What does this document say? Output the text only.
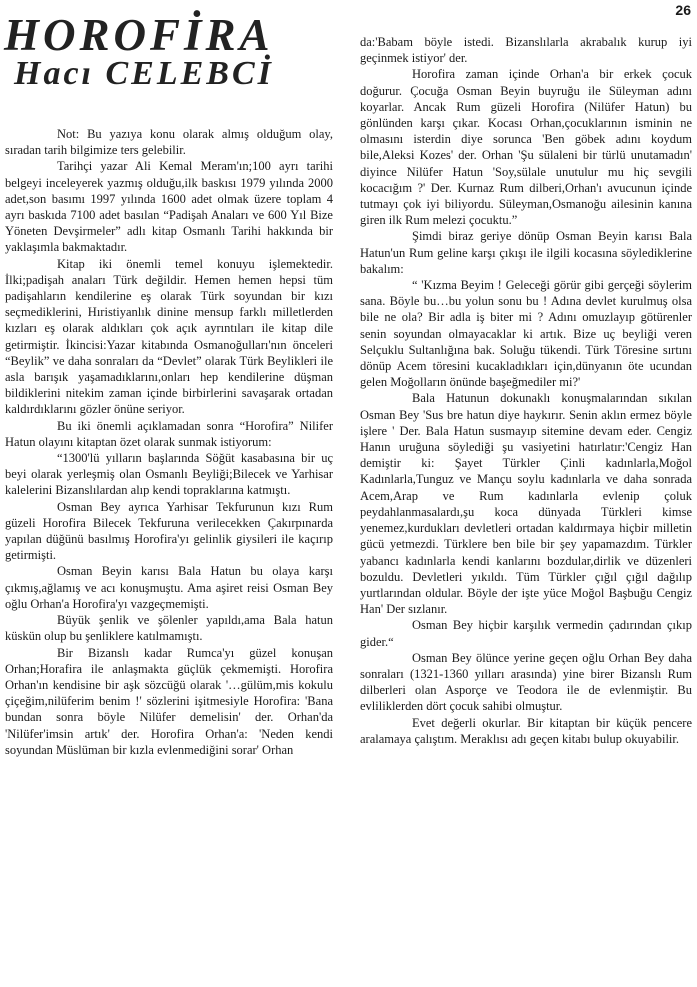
26
HOROFİRA
Hacı CELEBCİ

Not: Bu yazıya konu olarak almış olduğum olay, sıradan tarih bilgimize ters gelebilir.

Tarihçi yazar Ali Kemal Meram'ın;100 ayrı tarihi belgeyi inceleyerek yazmış olduğu,ilk baskısı 1979 yılında 2000 adet,son basımı 1997 yılında 1600 adet olmak üzere toplam 4 ayrı baskıda 7100 adet basılan “Padişah Anaları ve 600 Yıl Bize Yöneten Devşirmeler” adlı kitap Osmanlı Tarihi hakkında bir yaklaşımla bakmaktadır.

Kitap iki önemli temel konuyu işlemektedir. İlki;padişah anaları Türk değildir. Hemen hemen hepsi tüm padişahların kendilerine eş olarak Türk soyundan bir kızı seçmediklerini, Hıristiyanlık dinine mensup farklı milletlerden kızları eş olarak aldıkları çok açık ayrıntıları ile kitap dile getirmiştir. İkincisi:Yazar kitabında Osmanoğulları'nın önceleri “Beylik” ve daha sonraları da “Devlet” olarak Türk Beylikleri ile asla barışık yaşamadıklarını,onları hep kendilerine düşman bildiklerini nitekim zaman içinde birbirlerini savaşarak ortadan kaldırdıklarını gözler önüne seriyor.

Bu iki önemli açıklamadan sonra “Horofira” Nilifer Hatun olayını kitaptan özet olarak sunmak istiyorum:

“1300'lü yılların başlarında Söğüt kasabasına bir uç beyi olarak yerleşmiş olan Osmanlı Beyliği;Bilecek ve Yarhisar kalelerini Bizanslılardan alıp kendi topraklarına katmıştı.

Osman Bey ayrıca Yarhisar Tekfurunun kızı Rum güzeli Horofira Bilecek Tekfuruna verilecekken Çakırpınarda yapılan düğünü basılmış Horofira'yı gelinlik giysileri ile kaçırıp getirmişti.

Osman Beyin karısı Bala Hatun bu olaya karşı çıkmış,ağlamış ve acı konuşmuştu. Ama aşiret reisi Osman Bey oğlu Orhan'a Horofira'yı vazgeçmemişti.

Büyük şenlik ve şölenler yapıldı,ama Bala hatun küskün olup bu şenliklere katılmamıştı.

Bir Bizanslı kadar Rumca'yı güzel konuşan Orhan;Horafira ile anlaşmakta güçlük çekmemişti. Horofira Orhan'ın kendisine bir aşk sözcüğü olarak '…gülüm,mis kokulu çiçeğim,nilüferim benim !' sözlerini işitmesiyle Horofira: 'Bana bundan sonra böyle Nilüfer demelisin' der. Orhan'da 'Nilüfer'imsin artık' der. Horofira Orhan'a: 'Neden kendi soyundan Müslüman bir kızla evlenmediğini sorar' Orhan

da:'Babam böyle istedi. Bizanslılarla akrabalık kurup iyi geçinmek istiyor' der.

Horofira zaman içinde Orhan'a bir erkek çocuk doğurur. Çocuğa Osman Beyin buyruğu ile Süleyman adını koyarlar. Ancak Rum güzeli Horofira (Nilüfer Hatun) bu gönlünden karşı çıkar. Kocası Orhan,çocuklarının isminin ne olmasını isterdin diye sorunca 'Ben göbek adını koydum bile,Aleksi Kozes' der. Orhan 'Şu sülaleni bir türlü unutamadın' diyince Nilüfer Hatun 'Soy,sülale unutulur mu hiç sevgili kocacığım ?' Der. Kurnaz Rum dilberi,Orhan'ı avucunun içinde tutmayı çok iyi biliyordu. Süleyman,Osmanoğu ailesinin kanına giren ilk Rum melezi çocuktu.”

Şimdi biraz geriye dönüp Osman Beyin karısı Bala Hatun'un Rum geline karşı çıkışı ile ilgili kocasına söylediklerine bakalım:

“ 'Kızma Beyim ! Geleceği görür gibi gerçeği söylerim sana. Böyle bu…bu yolun sonu bu ! Adına devlet kurulmuş olsa bile ne ola? Bir adla iş biter mi ? Adını omuzlayıp götürenler senin soyundan olmayacaklar ki artık. Bize uç beyliği veren Selçuklu Sultanlığına bak. Soluğu tükendi. Türk Töresine sırtını dönüp Acem töresini kucakladıkları için,dünyanın öte ucundan gelen Moğolların önünde başeğmediler mi?'

Bala Hatunun dokunaklı konuşmalarından sıkılan Osman Bey 'Sus bre hatun diye haykırır. Senin aklın ermez böyle işlere ' Der. Bala Hatun susmayıp sitemine devam eder. Cengiz Hanın uruğuna söylediği şu vasiyetini hatırlatır:'Cengiz Han demiştir ki: Şayet Türkler Çinli kadınlarla,Moğol Kadınlarla,Tunguz ve Mançu soylu kadınlarla ve daha sonrada Acem,Arap ve Rum kadınlarla evlenip çoluk peydahlanmasalardı,şu koca dünyada Türkleri kimse yenemez,kurdukları devletleri ortadan kaldırmaya hiçbir milletin gücü yetmezdi. Türklere ben bile bir şey yapamazdım. Türkler yabancı kadınlarla kendi kanlarını bozdular,dirlik ve düzenleri bozuldu. Devletleri yıkıldı. Tüm Türkler çığıl çığıl dağılıp yurtlarından oldular. Böyle der işte yüce Moğol Başbuğu Cengiz Han' Der sızlanır.

Osman Bey hiçbir karşılık vermedin çadırından çıkıp gider.“

Osman Bey ölünce yerine geçen oğlu Orhan Bey daha sonraları (1321-1360 yılları arasında) yine birer Bizanslı Rum dilberleri olan Asporçe ve Teodora ile de evlenmiştir. Bu evliliklerden dört çocuk sahibi olmuştur.

Evet değerli okurlar. Bir kitaptan bir küçük pencere aralamaya çalıştım. Meraklısı adı geçen kitabı bulup okuyabilir.
